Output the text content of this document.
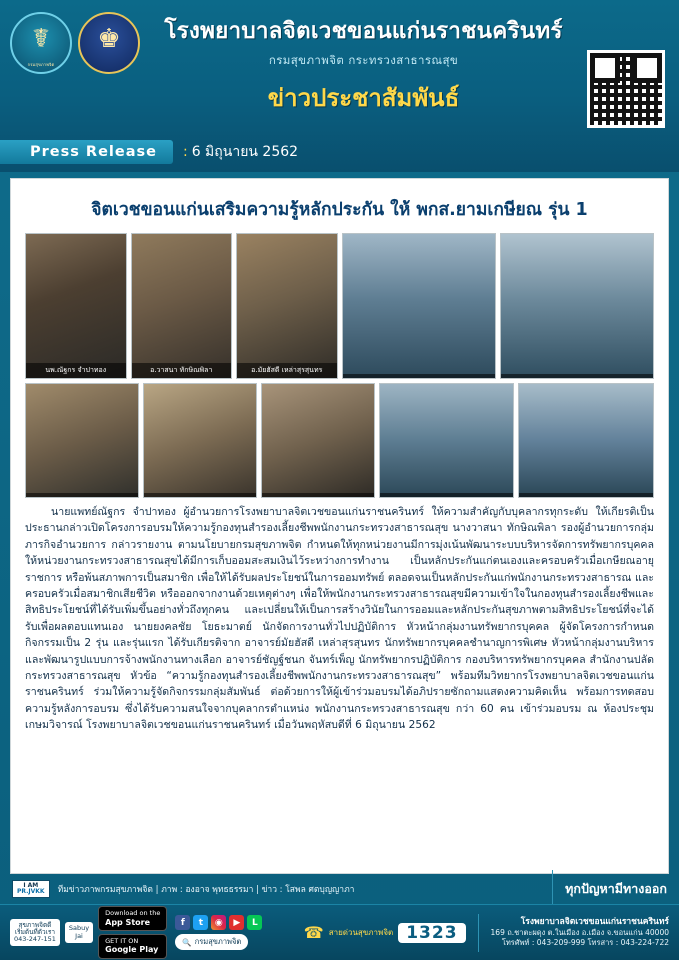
☤
กรมสุขภาพจิต
♚	โรงพยาบาลจิตเวชขอนแก่นราชนครินทร์
กรมสุขภาพจิต กระทรวงสาธารณสุข
ข่าวประชาสัมพันธ์
Press Release	: 6 มิถุนายน 2562
จิตเวชขอนแก่นเสริมความรู้หลักประกัน ให้ พกส.ยามเกษียณ รุ่น 1
นพ.ณัฐกร จำปาทอง	อ.วาสนา ทักษิณพิลา	อ.มัยฮัสดี เหล่าสุรสุนทร
นายแพทย์ณัฐกร จำปาทอง ผู้อำนวยการโรงพยาบาลจิตเวชขอนแก่นราชนครินทร์ ให้ความสำคัญกับบุคลากรทุกระดับ ให้เกียรติเป็นประธานกล่าวเปิดโครงการอบรมให้ความรู้กองทุนสำรองเลี้ยงชีพพนักงานกระทรวงสาธารณสุข นางวาสนา ทักษิณพิลา รองผู้อำนวยการกลุ่มภารกิจอำนวยการ กล่าวรายงาน ตามนโยบายกรมสุขภาพจิต กำหนดให้ทุกหน่วยงานมีการมุ่งเน้นพัฒนาระบบบริหารจัดการทรัพยากรบุคคลให้หน่วยงานกระทรวงสาธารณสุขได้มีการเก็บออมสะสมเงินไว้ระหว่างการทำงาน เป็นหลักประกันแก่ตนเองและครอบครัวเมื่อเกษียณอายุราชการ หรือพ้นสภาพการเป็นสมาชิก เพื่อให้ได้รับผลประโยชน์ในการออมทรัพย์ ตลอดจนเป็นหลักประกันแก่พนักงานกระทรวงสาธารณ และครอบครัวเมื่อสมาชิกเสียชีวิต หรือออกจากงานด้วยเหตุต่างๆ เพื่อให้พนักงานกระทรวงสาธารณสุขมีความเข้าใจในกองทุนสำรองเลี้ยงชีพและสิทธิประโยชน์ที่ได้รับเพิ่มขึ้นอย่างทั่วถึงทุกคน และเปลี่ยนให้เป็นการสร้างวินัยในการออมและหลักประกันสุขภาพตามสิทธิประโยชน์ที่จะได้รับเพื่อผลตอบแทนเอง นายยงคลชัย โยธะมาตย์ นักจัดการงานทั่วไปปฏิบัติการ หัวหน้ากลุ่มงานทรัพยากรบุคคล ผู้จัดโครงการกำหนดกิจกรรมเป็น 2 รุ่น และรุ่นแรก ได้รับเกียรติจาก อาจารย์มัยฮัสดี เหล่าสุรสุนทร นักทรัพยากรบุคคลชำนาญการพิเศษ หัวหน้ากลุ่มงานบริหารและพัฒนารูปแบบการจ้างพนักงานทางเลือก อาจารย์ชัญฐ์ชนก จันทร์เพ็ญ นักทรัพยากรปฏิบัติการ กองบริหารทรัพยากรบุคคล สำนักงานปลัดกระทรวงสาธารณสุข หัวข้อ “ความรู้กองทุนสำรองเลี้ยงชีพพนักงานกระทรวงสาธารณสุข” พร้อมทีมวิทยากรโรงพยาบาลจิตเวชขอนแก่นราชนครินทร์ ร่วมให้ความรู้จัดกิจกรรมกลุ่มสัมพันธ์ ต่อด้วยการให้ผู้เข้าร่วมอบรมได้อภิปรายซักถามแสดงความคิดเห็น พร้อมการทดสอบความรู้หลังการอบรม ซึ่งได้รับความสนใจจากบุคลากรตำแหน่ง พนักงานกระทรวงสาธารณสุข กว่า 60 คน เข้าร่วมอบรม ณ ห้องประชุมเกษมวิจารณ์ โรงพยาบาลจิตเวชขอนแก่นราชนครินทร์ เมื่อวันพฤหัสบดีที่ 6 มิถุนายน 2562
I AM
PR.JVKK ทีมข่าวภาพกรมสุขภาพจิต | ภาพ : องอาจ พุทธธรรมา | ข่าว : โสพล ศตบุญญาภา	ทุกปัญหามีทางออก
สุขภาพจิตดี
เริ่มต้นที่ตัวเรา
043-247-151
Sabuy
Jai
Download on the
App Store
GET IT ON
Google Play
f	t	◉	▶	L
🔍 กรมสุขภาพจิต	☎ สายด่วนสุขภาพจิต 1323
โรงพยาบาลจิตเวชขอนแก่นราชนครินทร์
169 ถ.ชาตะผดุง ต.ในเมือง อ.เมือง จ.ขอนแก่น 40000
โทรศัพท์ : 043-209-999 โทรสาร : 043-224-722
